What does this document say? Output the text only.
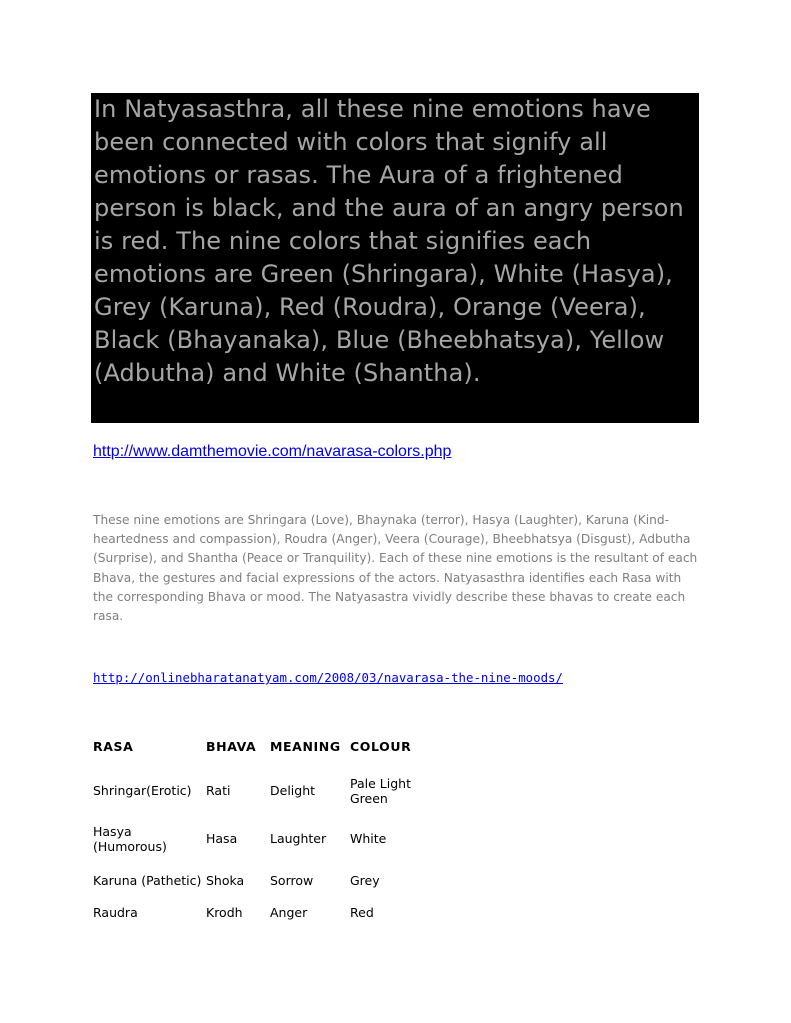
In Natyasasthra, all these nine emotions have been connected with colors that signify all emotions or rasas. The Aura of a frightened person is black, and the aura of an angry person is red. The nine colors that signifies each emotions are Green (Shringara), White (Hasya), Grey (Karuna), Red (Roudra), Orange (Veera), Black (Bhayanaka), Blue (Bheebhatsya), Yellow (Adbutha) and White (Shantha).

http://www.damthemovie.com/navarasa-colors.php

These nine emotions are Shringara (Love), Bhaynaka (terror), Hasya (Laughter), Karuna (Kind-heartedness and compassion), Roudra (Anger), Veera (Courage), Bheebhatsya (Disgust), Adbutha (Surprise), and Shantha (Peace or Tranquility). Each of these nine emotions is the resultant of each Bhava, the gestures and facial expressions of the actors. Natyasasthra identifies each Rasa with the corresponding Bhava or mood. The Natyasastra vividly describe these bhavas to create each rasa.

http://onlinebharatanatyam.com/2008/03/navarasa-the-nine-moods/
RASA	BHAVA	MEANING	COLOUR
Shringar(Erotic)	Rati	Delight	Pale Light Green
Hasya (Humorous)	Hasa	Laughter	White
Karuna (Pathetic)	Shoka	Sorrow	Grey
Raudra	Krodh	Anger	Red
